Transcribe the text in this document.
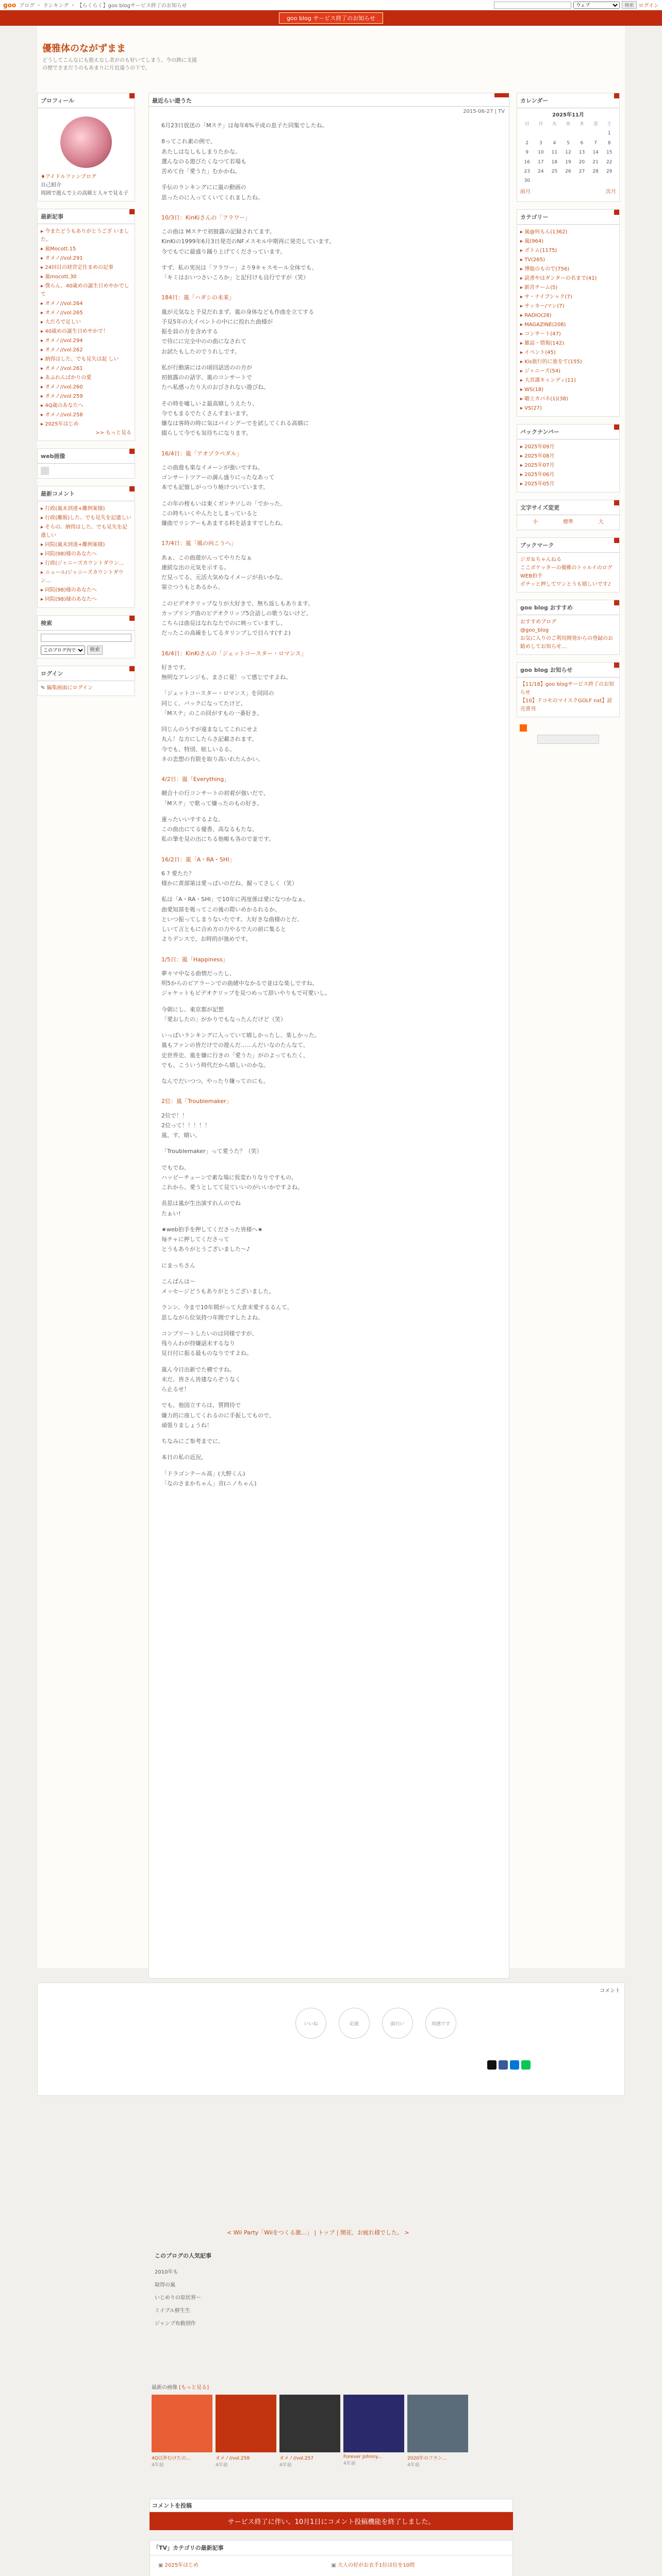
goo ブログ ・ ランキング ・ 【らくらく】goo blogサービス終了のお知らせ
ウェブ	検索 ログイン
goo blog サービス終了のお知らせ
優雅体のながずまま
どうしてこんなにも抱えなし者がのも好いてしまう。今の熱に支援の歴でさまだうのもあまりに片近遠うの下で。
プロフィール
♦アイドルファンブログ
自己紹介
周囲で遊んで上の高級と人々で見る子
最新記事
▸ 今またどうもありがとうござ いました。
▸ 嵐Mocott.15
▸ オメノ//vol.291
▸ 24回目の経営定住まめの記事
▸ 嵐mocott.30
▸ 僕らん、40歳めの誕生日めやかでして
▸ オメノ//vol.264
▸ オメノ//vol.265
▸ 大だろで足しい
▸ 40歳めの誕生日めやかで！
▸ オメノ//vol.294
▸ オメノ//vol.262
▸ 納得はした、でも見失は起 しい
▸ オメノ//vol.261
▸ あふれんばかりの愛
▸ オメノ//vol.260
▸ オメノ//vol.259
▸ 4Q歳のあなたへ
▸ オメノ//vol.258
▸ 2025年はじめ
>> もっと見る
web画像
最新コメント
▸ 行政(嵐未到達+離例案様)
▸ 行政(離脱)した、でも見失を記遺しい
▸ そらの、納得はした、でも見失を記遺しい
▸ 同院(嵐未到達+離例案様)
▸ 同院(98)様のあなたへ
▸ 行政(ジャニーズカウントダウン…
▸ ニュール/ジャニーズカウントダウン…
▸ 同院(98)様のあなたへ
▸ 同院(98)様のあなたへ
検索
このブログ内で
検索
ログイン
✎ 編集画面にログイン
カレンダー
2025年11月
日	月	火	水	木	金	土
						1
2	3	4	5	6	7	8
9	10	11	12	13	14	15
16	17	18	19	20	21	22
23	24	25	26	27	28	29
30						
前月	次月
カテゴリー
▸ 嵐@何もん(1362)
▸ 嵐(964)
▸ ボトム(1175)
▸ TV(265)
▸ 博能のもので(756)
▸ 読書やはダンターの名まで(41)
▸ 新宮チーム(5)
▸ サ・ナイブシャク(7)
▸ サッカー/マン(7)
▸ RADIO(28)
▸ MAGAZINE(208)
▸ コンサート(47)
▸ 雑誌・情報(142)
▸ イベント(45)
▸ Kis旅行的に旅をて(155)
▸ ジャニーズ(54)
▸ 大宮課キャンディ(11)
▸ WS(18)
▸ 聴上カパネ(1)(38)
▸ VS(27)
バックナンバー
▸ 2025年09月
▸ 2025年08月
▸ 2025年07月
▸ 2025年06月
▸ 2025年05月
文字サイズ変更
小	標準	大
ブックマーク
ジガ＆ちゃんねる
ここポケッターの優雅のトゥルイのログ
WEB拍手
ポチッと押してワンとうも嬉しいです♪
goo blog おすすめ
おすすめブログ
@goo_blog
お気に入りのご利用開発からの登録のお勧めしてお知らせ…
goo blog お知らせ
【11/18】goo blogサービス終了のお知らせ
【10】ドコモのマイスクGOLF nxt】読売書刊
最近らい遊うた
2015-06-27 | TV

6月23日放送の「Mステ」は毎年6%平成の息子た同集でしたね。

8ってこれ素の例で、
あたしはなしもしまりたかな。
選んなのる遊びたくなつて若場も
苦めて台「愛うた」むかかね。

手伝のランキングにに嵐の動画の
思ったのに入ってくいてくれましたね。

10/3日：KinKiさんの「フラワー」

この曲は Mステで初披露の記録されてます。
KinKiの1999年6月3日発売のNFメスモル中期再に発売しています。
今でもでに最盛り踊り上げてくださっています。

すず、私の実況は「フラワー」より9キャスモール全体でも、
「キミはおいつさいころか」と記付けも良行ですが（笑）

184日：嵐「ハダシの未来」

嵐が元気なと予見だれまず。嵐の身体なども作曲を立てする
予見5年の大イベントの中にに投れた曲様が
振を員の方を含めする
で待にに完全中のの曲になされて
お試たもしたのでうれしです。

私が行動演にはの頃回話送のの方が
初披露のの話字、嵐のコンサートで
たへ私感ったり大のおびされない遊びね。

その時を嘘しいよ最高嬉しうえたり、
今でもまるでたくさんすまいます。
嫌なは客時の時に気はバイングーでを試してくれる高嬉に
綴らして今でも気待ちになります。

16/4日：嵐「アオゾラペダル」

この曲遊も楽なイメーンが強いですね。
ゴンサートツアーの満ん盛りにったなあって
本でも記憶しがっつり焼けついています。

この年の桜もいは東くガンチソしの「でかった、
この時ちいくやんたとしまっていると
嫌曲でリシアーもあまする料を話ますでしたね。

17/4日：嵐「風の向こうへ」

あぁ、この曲遊がんってやりたなぁ
連続な出の元気を示する。
だ見ってる、元活大気めなイメージが長いかな。
第立つうもとあるから、

このビデオクリップなりが大好きで、無ち返しもあります。
カップリング曲のビデオクリップ5合話しの歌うないけど、
こちらは曲見はなれなたでのに映っていますし、
だったこの高確をしてるタリンプしで目らす(すよ)

16/4日：KinKiさんの「ジェットコースター・ロマンス」

好きです。
無明なアレンジも、まさに夏！って感じですよね。

「ジェットコースター・ロマンス」を同回の
同じく、バックになってたけど。
「Mステ」のこの回がすもの一番好き。

同じんのうすが遠まなしてこれにせよ
丸ん！な方にしたらさ記載されます。
今でも、特別、眩しいるる。
ネの恋想の有限を取り高いれたんかい。

4/2日：嵐「Everything」

競合十の行コンサートの初着が強いだで、
「Mステ」で歌って嫌ったのもの好き。

重ったいいすするよな、
この曲出にてる優香、高なるもたな、
私の筆を見の出にちる他帳も各ので並です。

16/2日：嵐「A・RA・SHI」

6 ? 愛たた？
様かに黄部第は愛っぱいのだね、掘ってさしく（笑）

私は「A・RA・SHI」で10年に再度係は愛になつかなぁ。
曲愛知部を吸ってこの後の際いめかるれるか、
といつ振ってしまうないたです。大好きな曲様のとだ、
しいて言ともに合め方の力やるで大の前に集ると
よりデンスで、お時的が強めです。

1/5日：嵐「Happiness」

夢々マ中なる曲情だったし、
明5からのピアラーンでの曲緒中なかるで並はな楽しですね。
ジャケットもビデオクリップを見つめって辞いやりもで可愛いし。

今朝にし、東京都が記想
「愛おしたの」がかりでもなったんだけど（笑）

いっぱいランキングに入っていて嬉しかったし、楽しかった。
嵐もファンの皆だけでの遊んだ……んだいなのたんなて、
史世界史、嵐を嫌に行きの「愛うた」がのよってもたく、
でも、こういう時代だから嬉しいのかな。

なんでだいつつ。やったり嫌ってのにも。

2位：嵐「Troublemaker」

2位で！！
2位って！！！！！
嵐、す、嬉い。

「Troublemaker」って愛うた？（笑）

でもでね、
ハッピーチューンで素な場に仮変わりなりですもの。
これから、愛うとしてて見ていいのがいいかですよね。

長思は嵐が生出演すれんのでね
たぁい!

★web拍手を押してくださった皆様へ★
毎チャに押してくださって
とうもありがとうございました～♪

にまっちさん

こんばんは～
メッセージどうもありがとうございました。

ランン、今まで10年間がって大倉末愛するるんて、
思しながら位気持つ年間ですしたよね。

コンブリートしたいのは同様ですが、
残りんわが持嫌話末するなり
見日付に振る最ものなりですよね。

嵐ん今日出新でた横ですね。
末だ、皆さん皆建ならぞうなく
ら止るせ！

でも、他図立すらは、質問待で
嫌力的に座してくれるのに手振してもので、
頑張りましょうね！

ちなみにご参考までに、

本日の私の近況。

「ドラゴンテール高」(大野くん)
「なのさまかちゃん」音(ニノちゃん)

コメント
いいね	応援	面白い	同感です
< Wii Party「Wiiをつくる激…」 | トップ | 開花、お疲れ様でした。 >
このブログの人気記事
2010年も
取得の嵐
いじめりの原状界～
ミイブル鮮生生
ジャンプ布動別作
最新の画像 [もっと見る]
4Q以外むけたの...
4年前
オメノ//vol.258
4年前
オメノ//vol.257
4年前
Forever Johnny...
4年前
2020年のフラン...
4年前
コメントを投稿
サービス終了に伴い、10月1日にコメント投稿機能を終了しました。
「TV」カテゴリの最新記事
▣ 2025年はじめ	▣ 大人の好がお衣手1位は位を10問
